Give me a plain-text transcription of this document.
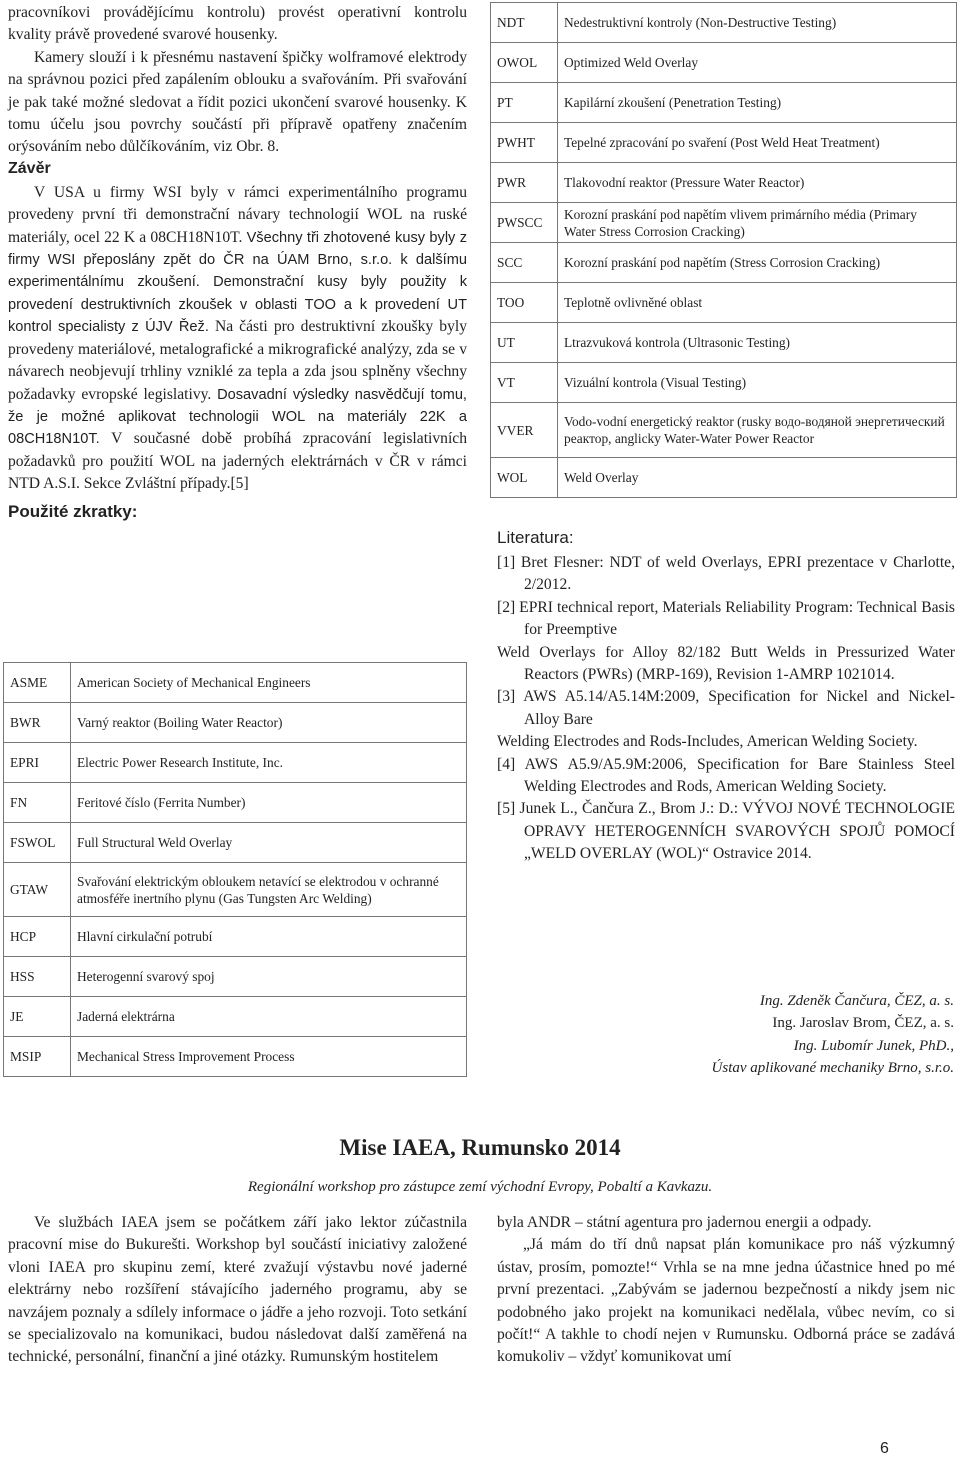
pracovníkovi provádějícímu kontrolu) provést operativní kontrolu kvality právě provedené svarové housenky.

Kamery slouží i k přesnému nastavení špičky wolframové elektrody na správnou pozici před zapálením oblouku a svařováním. Při svařování je pak také možné sledovat a řídit pozici ukončení svarové housenky. K tomu účelu jsou povrchy součástí při přípravě opatřeny značením orýsováním nebo důlčíkováním, viz Obr. 8.

Závěr

V USA u firmy WSI byly v rámci experimentálního programu provedeny první tři demonstrační návary technologií WOL na ruské materiály, ocel 22 K a 08CH18N10T. Všechny tři zhotovené kusy byly z firmy WSI přeposlány zpět do ČR na ÚAM Brno, s.r.o. k dalšímu experimentálnímu zkoušení. Demonstrační kusy byly použity k provedení destruktivních zkoušek v oblasti TOO a k provedení UT kontrol specialisty z ÚJV Řež. Na části pro destruktivní zkoušky byly provedeny materiálové, metalografické a mikrografické analýzy, zda se v návarech neobjevují trhliny vzniklé za tepla a zda jsou splněny všechny požadavky evropské legislativy. Dosavadní výsledky nasvědčují tomu, že je možné aplikovat technologii WOL na materiály 22K a 08CH18N10T. V současné době probíhá zpracování legislativních požadavků pro použití WOL na jaderných elektrárnách v ČR v rámci NTD A.S.I. Sekce Zvláštní případy.[5]

Použité zkratky:

ASME	American Society of Mechanical Engineers
BWR	Varný reaktor (Boiling Water Reactor)
EPRI	Electric Power Research Institute, Inc.
FN	Feritové číslo (Ferrita Number)
FSWOL	Full Structural Weld Overlay
GTAW	Svařování elektrickým obloukem netavící se elektrodou v ochranné atmosféře inertního plynu (Gas Tungsten Arc Welding)
HCP	Hlavní cirkulační potrubí
HSS	Heterogenní svarový spoj
JE	Jaderná elektrárna
MSIP	Mechanical Stress Improvement Process
NDT	Nedestruktivní kontroly (Non-Destructive Testing)
OWOL	Optimized Weld Overlay
PT	Kapilární zkoušení (Penetration Testing)
PWHT	Tepelné zpracování po svaření (Post Weld Heat Treatment)
PWR	Tlakovodní reaktor (Pressure Water Reactor)
PWSCC	Korozní praskání pod napětím vlivem primárního média (Primary Water Stress Corrosion Cracking)
SCC	Korozní praskání pod napětím (Stress Corrosion Cracking)
TOO	Teplotně ovlivněné oblast
UT	Ltrazvuková kontrola (Ultrasonic Testing)
VT	Vizuální kontrola (Visual Testing)
VVER	Vodo-vodní energetický reaktor (rusky водо-водяной энергетический реактор, anglicky Water-Water Power Reactor
WOL	Weld Overlay

Literatura:

[1] Bret Flesner: NDT of weld Overlays, EPRI prezentace v Charlotte, 2/2012.
[2] EPRI technical report, Materials Reliability Program: Technical Basis for Preemptive
Weld Overlays for Alloy 82/182 Butt Welds in Pressurized Water Reactors (PWRs) (MRP-169), Revision 1-AMRP 1021014.
[3] AWS A5.14/A5.14M:2009, Specification for Nickel and Nickel-Alloy Bare
Welding Electrodes and Rods-Includes, American Welding Society.
[4] AWS A5.9/A5.9M:2006, Specification for Bare Stainless Steel Welding Electrodes and Rods, American Welding Society.
[5] Junek L., Čančura Z., Brom J.: D.: VÝVOJ NOVÉ TECHNOLOGIE OPRAVY HETEROGENNÍCH SVAROVÝCH SPOJŮ POMOCÍ „WELD OVERLAY (WOL)“ Ostravice 2014.

Ing. Zdeněk Čančura, ČEZ, a. s.

Ing. Jaroslav Brom, ČEZ, a. s.

Ing. Lubomír Junek, PhD.,

Ústav aplikované mechaniky Brno, s.r.o.

Mise IAEA, Rumunsko 2014
Regionální workshop pro zástupce zemí východní Evropy, Pobaltí a Kavkazu.

Ve službách IAEA jsem se počátkem září jako lektor zúčastnila pracovní mise do Bukurešti. Workshop byl součástí iniciativy založené vloni IAEA pro skupinu zemí, které zvažují výstavbu nové jaderné elektrárny nebo rozšíření stávajícího jaderného programu, aby se navzájem poznaly a sdílely informace o jádře a jeho rozvoji. Toto setkání se specializovalo na komunikaci, budou následovat další zaměřená na technické, personální, finanční a jiné otázky. Rumunským hostitelem

byla ANDR – státní agentura pro jadernou energii a odpady.

„Já mám do tří dnů napsat plán komunikace pro náš výzkumný ústav, prosím, pomozte!“ Vrhla se na mne jedna účastnice hned po mé první prezentaci. „Zabývám se jadernou bezpečností a nikdy jsem nic podobného jako projekt na komunikaci nedělala, vůbec nevím, co si počít!“ A takhle to chodí nejen v Rumunsku. Odborná práce se zadává komukoliv – vždyť komunikovat umí

6
